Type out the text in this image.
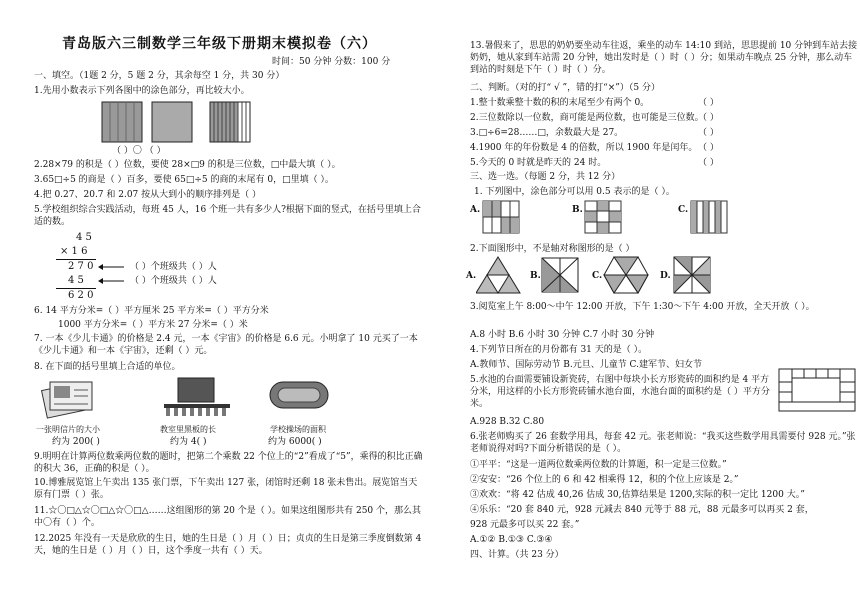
青岛版六三制数学三年级下册期末模拟卷（六）
时间：50 分钟 分数：100 分
一、填空。（1题 2 分，5 题 2 分，其余每空 1 分，共 30 分）
1.先用小数表示下列各图中的涂色部分，再比较大小。
（ ）〇 （ ）
2.28×79 的积是（ ）位数，要使 28×□9 的积是三位数，□中最大填（ ）。
3.65□÷5 的商是（ ）百多，要使 65□÷5 的商的末尾有 0，□里填（ ）。
4.把 0.27、20.7 和 2.07 按从大到小的顺序排列是（ ）
5.学校组织综合实践活动，每班 45 人，16 个班一共有多少人?根据下面的竖式，在括号里填上合适的数。
4 5
× 1 6
2 7 0
4 5
6 2 0
（ ）个班级共（ ）人
（ ）个班级共（ ）人
6. 14 平方分米=（ ）平方厘米 25 平方米=（ ）平方分米
1000 平方分米=（ ）平方米 27 分米=（ ）米
7. 一本《少儿卡通》的价格是 2.4 元，一本《宇宙》的价格是 6.6 元。小明拿了 10 元买了一本《少儿卡通》和一本《宇宙》，还剩（ ）元。
8. 在下面的括号里填上合适的单位。
一张明信片的大小	教室里黑板的长	学校操场的面积
约为 200( )	约为 4( )	约为 6000( )
9.明明在计算两位数乘两位数的题时，把第二个乘数 22 个位上的“2”看成了“5”，乘得的积比正确的积大 36，正确的积是（ ）。
10.博雅展览馆上午卖出 135 张门票，下午卖出 127 张，闭馆时还剩 18 张未售出。展览馆当天原有门票（ ）张。
11.☆〇□△☆〇□△☆〇□△……这组图形的第 20 个是（ ）。如果这组图形共有 250 个，那么其中〇有（ ）个。
12.2025 年没有一天是欣欣的生日，她的生日是（ ）月（ ）日；贞贞的生日是第三季度倒数第 4 天，她的生日是（ ）月（ ）日，这个季度一共有（ ）天。
13.暑假来了，思思的奶奶要坐动车往返，乘坐的动车 14:10 到站，思思提前 10 分钟到车站去接奶奶，她从家到车站需 20 分钟，她出发时是（ ）时（ ）分；如果动车晚点 25 分钟，那么动车到站的时刻是下午（ ）时（ ）分。
二、判断。（对的打“ √ ”，错的打“×”）（5 分）
1.整十数乘整十数的积的末尾至少有两个 0。	（ ）
2.三位数除以一位数，商可能是两位数，也可能是三位数。
（ ）
3.□÷6=28……□，余数最大是 27。	（ ）
4.1900 年的年份数是 4 的倍数，所以 1900 年是闰年。 （ ）
5.今天的 0 时就是昨天的 24 时。	（ ）
三、选一选。（每题 2 分，共 12 分）
1. 下列图中，涂色部分可以用 0.5 表示的是（ ）。
A.	B.	C.
2.下面图形中，不是轴对称图形的是（ ）
A.	B.	C.	D.
3.阅览室上午 8:00～中午 12:00 开放，下午 1:30～下午 4:00 开放，全天开放（ ）。
A.8 小时 B.6 小时 30 分钟 C.7 小时 30 分钟
4.下列节日所在的月份都有 31 天的是（ ）。
A.教师节、国际劳动节 B.元旦、儿童节 C.建军节、妇女节
5.水池的台面需要铺设新瓷砖，右图中每块小长方形瓷砖的面积约是 4 平方分米，用这样的小长方形瓷砖铺水池台面，水池台面的面积约是（ ）平方分米。
A.928 B.32 C.80
6.张老师购买了 26 套数学用具，每套 42 元。张老师说：“我买这些数学用具需要付 928 元。”张老师说得对吗?下面分析错误的是（ ）。
①平平：“这是一道两位数乘两位数的计算题，积一定是三位数。”
②安安：“26 个位上的 6 和 42 相乘得 12，积的个位上应该是 2。”
③欢欢：“将 42 估成 40,26 估成 30,估算结果是 1200,实际的积一定比 1200 大。”
④乐乐：“20 套 840 元，928 元减去 840 元等于 88 元，88 元最多可以再买 2 套，
928 元最多可以买 22 套。”
A.①② B.①③ C.③④
四、计算。（共 23 分）
